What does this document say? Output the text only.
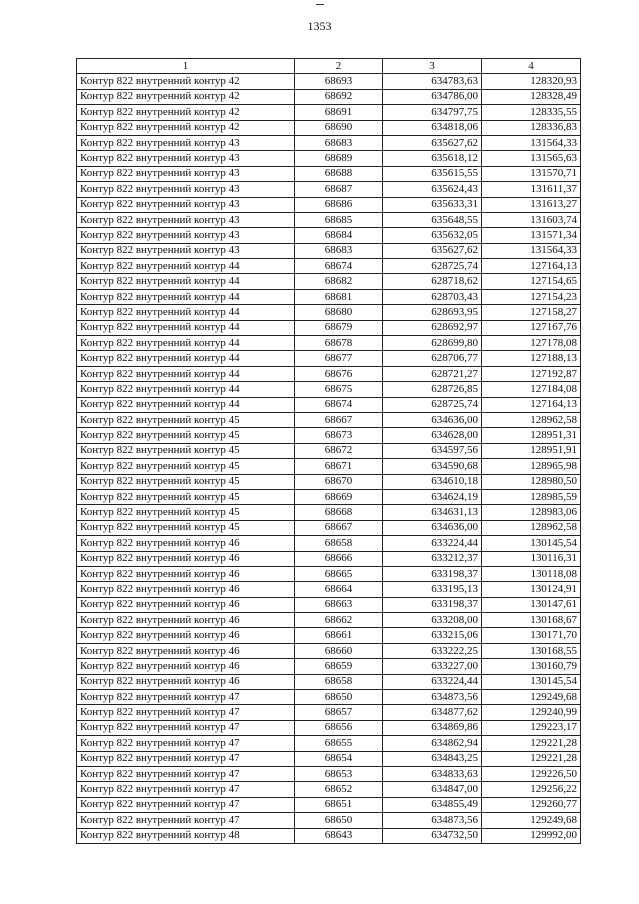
1353
1	2	3	4
Контур 822 внутренний контур 42	68693	634783,63	128320,93
Контур 822 внутренний контур 42	68692	634786,00	128328,49
Контур 822 внутренний контур 42	68691	634797,75	128335,55
Контур 822 внутренний контур 42	68690	634818,06	128336,83
Контур 822 внутренний контур 43	68683	635627,62	131564,33
Контур 822 внутренний контур 43	68689	635618,12	131565,63
Контур 822 внутренний контур 43	68688	635615,55	131570,71
Контур 822 внутренний контур 43	68687	635624,43	131611,37
Контур 822 внутренний контур 43	68686	635633,31	131613,27
Контур 822 внутренний контур 43	68685	635648,55	131603,74
Контур 822 внутренний контур 43	68684	635632,05	131571,34
Контур 822 внутренний контур 43	68683	635627,62	131564,33
Контур 822 внутренний контур 44	68674	628725,74	127164,13
Контур 822 внутренний контур 44	68682	628718,62	127154,65
Контур 822 внутренний контур 44	68681	628703,43	127154,23
Контур 822 внутренний контур 44	68680	628693,95	127158,27
Контур 822 внутренний контур 44	68679	628692,97	127167,76
Контур 822 внутренний контур 44	68678	628699,80	127178,08
Контур 822 внутренний контур 44	68677	628706,77	127188,13
Контур 822 внутренний контур 44	68676	628721,27	127192,87
Контур 822 внутренний контур 44	68675	628726,85	127184,08
Контур 822 внутренний контур 44	68674	628725,74	127164,13
Контур 822 внутренний контур 45	68667	634636,00	128962,58
Контур 822 внутренний контур 45	68673	634628,00	128951,31
Контур 822 внутренний контур 45	68672	634597,56	128951,91
Контур 822 внутренний контур 45	68671	634590,68	128965,98
Контур 822 внутренний контур 45	68670	634610,18	128980,50
Контур 822 внутренний контур 45	68669	634624,19	128985,59
Контур 822 внутренний контур 45	68668	634631,13	128983,06
Контур 822 внутренний контур 45	68667	634636,00	128962,58
Контур 822 внутренний контур 46	68658	633224,44	130145,54
Контур 822 внутренний контур 46	68666	633212,37	130116,31
Контур 822 внутренний контур 46	68665	633198,37	130118,08
Контур 822 внутренний контур 46	68664	633195,13	130124,91
Контур 822 внутренний контур 46	68663	633198,37	130147,61
Контур 822 внутренний контур 46	68662	633208,00	130168,67
Контур 822 внутренний контур 46	68661	633215,06	130171,70
Контур 822 внутренний контур 46	68660	633222,25	130168,55
Контур 822 внутренний контур 46	68659	633227,00	130160,79
Контур 822 внутренний контур 46	68658	633224,44	130145,54
Контур 822 внутренний контур 47	68650	634873,56	129249,68
Контур 822 внутренний контур 47	68657	634877,62	129240,99
Контур 822 внутренний контур 47	68656	634869,86	129223,17
Контур 822 внутренний контур 47	68655	634862,94	129221,28
Контур 822 внутренний контур 47	68654	634843,25	129221,28
Контур 822 внутренний контур 47	68653	634833,63	129226,50
Контур 822 внутренний контур 47	68652	634847,00	129256,22
Контур 822 внутренний контур 47	68651	634855,49	129260,77
Контур 822 внутренний контур 47	68650	634873,56	129249,68
Контур 822 внутренний контур 48	68643	634732,50	129992,00
